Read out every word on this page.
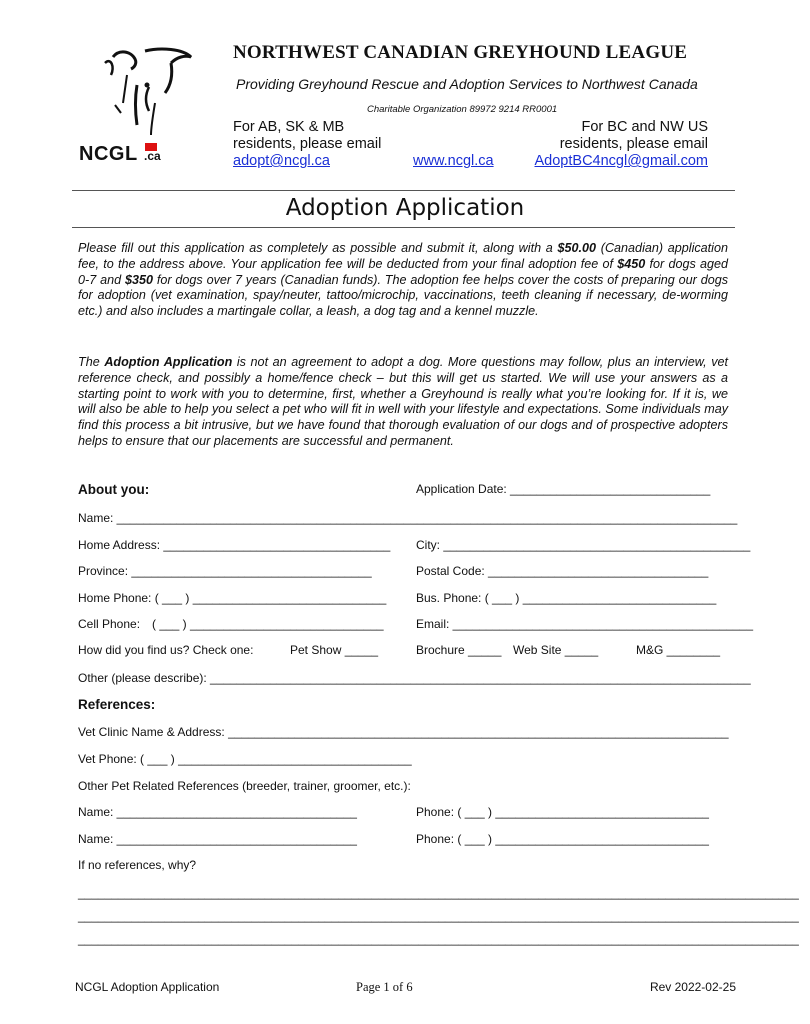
NCGL .ca
NORTHWEST CANADIAN GREYHOUND LEAGUE
Providing Greyhound Rescue and Adoption Services to Northwest Canada
Charitable Organization 89972 9214 RR0001
For AB, SK & MB
residents, please email
adopt@ncgl.ca	www.ncgl.ca
For BC and NW US
residents, please email
AdoptBC4ncgl@gmail.com
Adoption Application
Please fill out this application as completely as possible and submit it, along with a $50.00 (Canadian) application fee, to the address above. Your application fee will be deducted from your final adoption fee of $450 for dogs aged 0-7 and $350 for dogs over 7 years (Canadian funds). The adoption fee helps cover the costs of preparing our dogs for adoption (vet examination, spay/neuter, tattoo/microchip, vaccinations, teeth cleaning if necessary, de-worming etc.) and also includes a martingale collar, a leash, a dog tag and a kennel muzzle.
The Adoption Application is not an agreement to adopt a dog. More questions may follow, plus an interview, vet reference check, and possibly a home/fence check – but this will get us started. We will use your answers as a starting point to work with you to determine, first, whether a Greyhound is really what you’re looking for. If it is, we will also be able to help you select a pet who will fit in well with your lifestyle and expectations. Some individuals may find this process a bit intrusive, but we have found that thorough evaluation of our dogs and of prospective adopters helps to ensure that our placements are successful and permanent.
About you:	Application Date: ______________________________
Name: _____________________________________________________________________________________________
Home Address: __________________________________ City: ______________________________________________
Province: ____________________________________	Postal Code: _________________________________
Home Phone: ( ___ ) _____________________________ Bus. Phone: ( ___ ) _____________________________
Cell Phone: ( ___ ) _____________________________	Email: _____________________________________________
How did you find us? Check one:	Pet Show _____	Brochure _____ Web Site _____	M&G ________
Other (please describe): _________________________________________________________________________________
References:
Vet Clinic Name & Address: ___________________________________________________________________________
Vet Phone: ( ___ ) ___________________________________
Other Pet Related References (breeder, trainer, groomer, etc.):
Name: ____________________________________	Phone: ( ___ ) ________________________________
Name: ____________________________________	Phone: ( ___ ) ________________________________
If no references, why?
____________________________________________________________________________________________________________
____________________________________________________________________________________________________________
____________________________________________________________________________________________________________
NCGL Adoption Application	Page 1 of 6	Rev 2022-02-25
